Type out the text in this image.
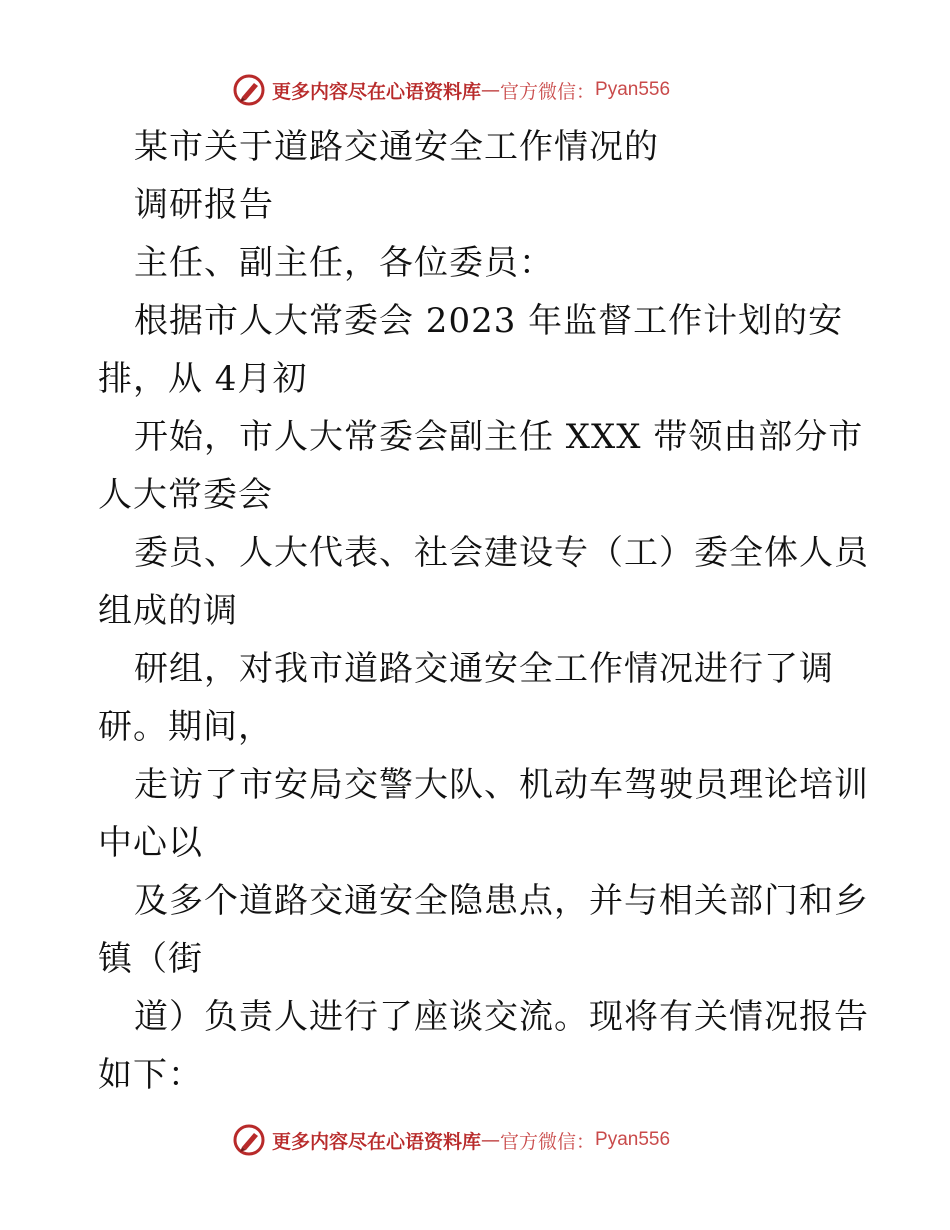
更多内容尽在心语资料库 — 官方微信： Pyan556
某市关于道路交通安全工作情况的
调研报告
主任、副主任，各位委员：
根据市人大常委会 2023 年监督工作计划的安
排，从 4月初
开始，市人大常委会副主任 XXX 带领由部分市
人大常委会
委员、人大代表、社会建设专（工）委全体人员
组成的调
研组，对我市道路交通安全工作情况进行了调
研。期间，
走访了市安局交警大队、机动车驾驶员理论培训
中心以
及多个道路交通安全隐患点，并与相关部门和乡
镇（街
道）负责人进行了座谈交流。现将有关情况报告
如下：
更多内容尽在心语资料库 — 官方微信： Pyan556
